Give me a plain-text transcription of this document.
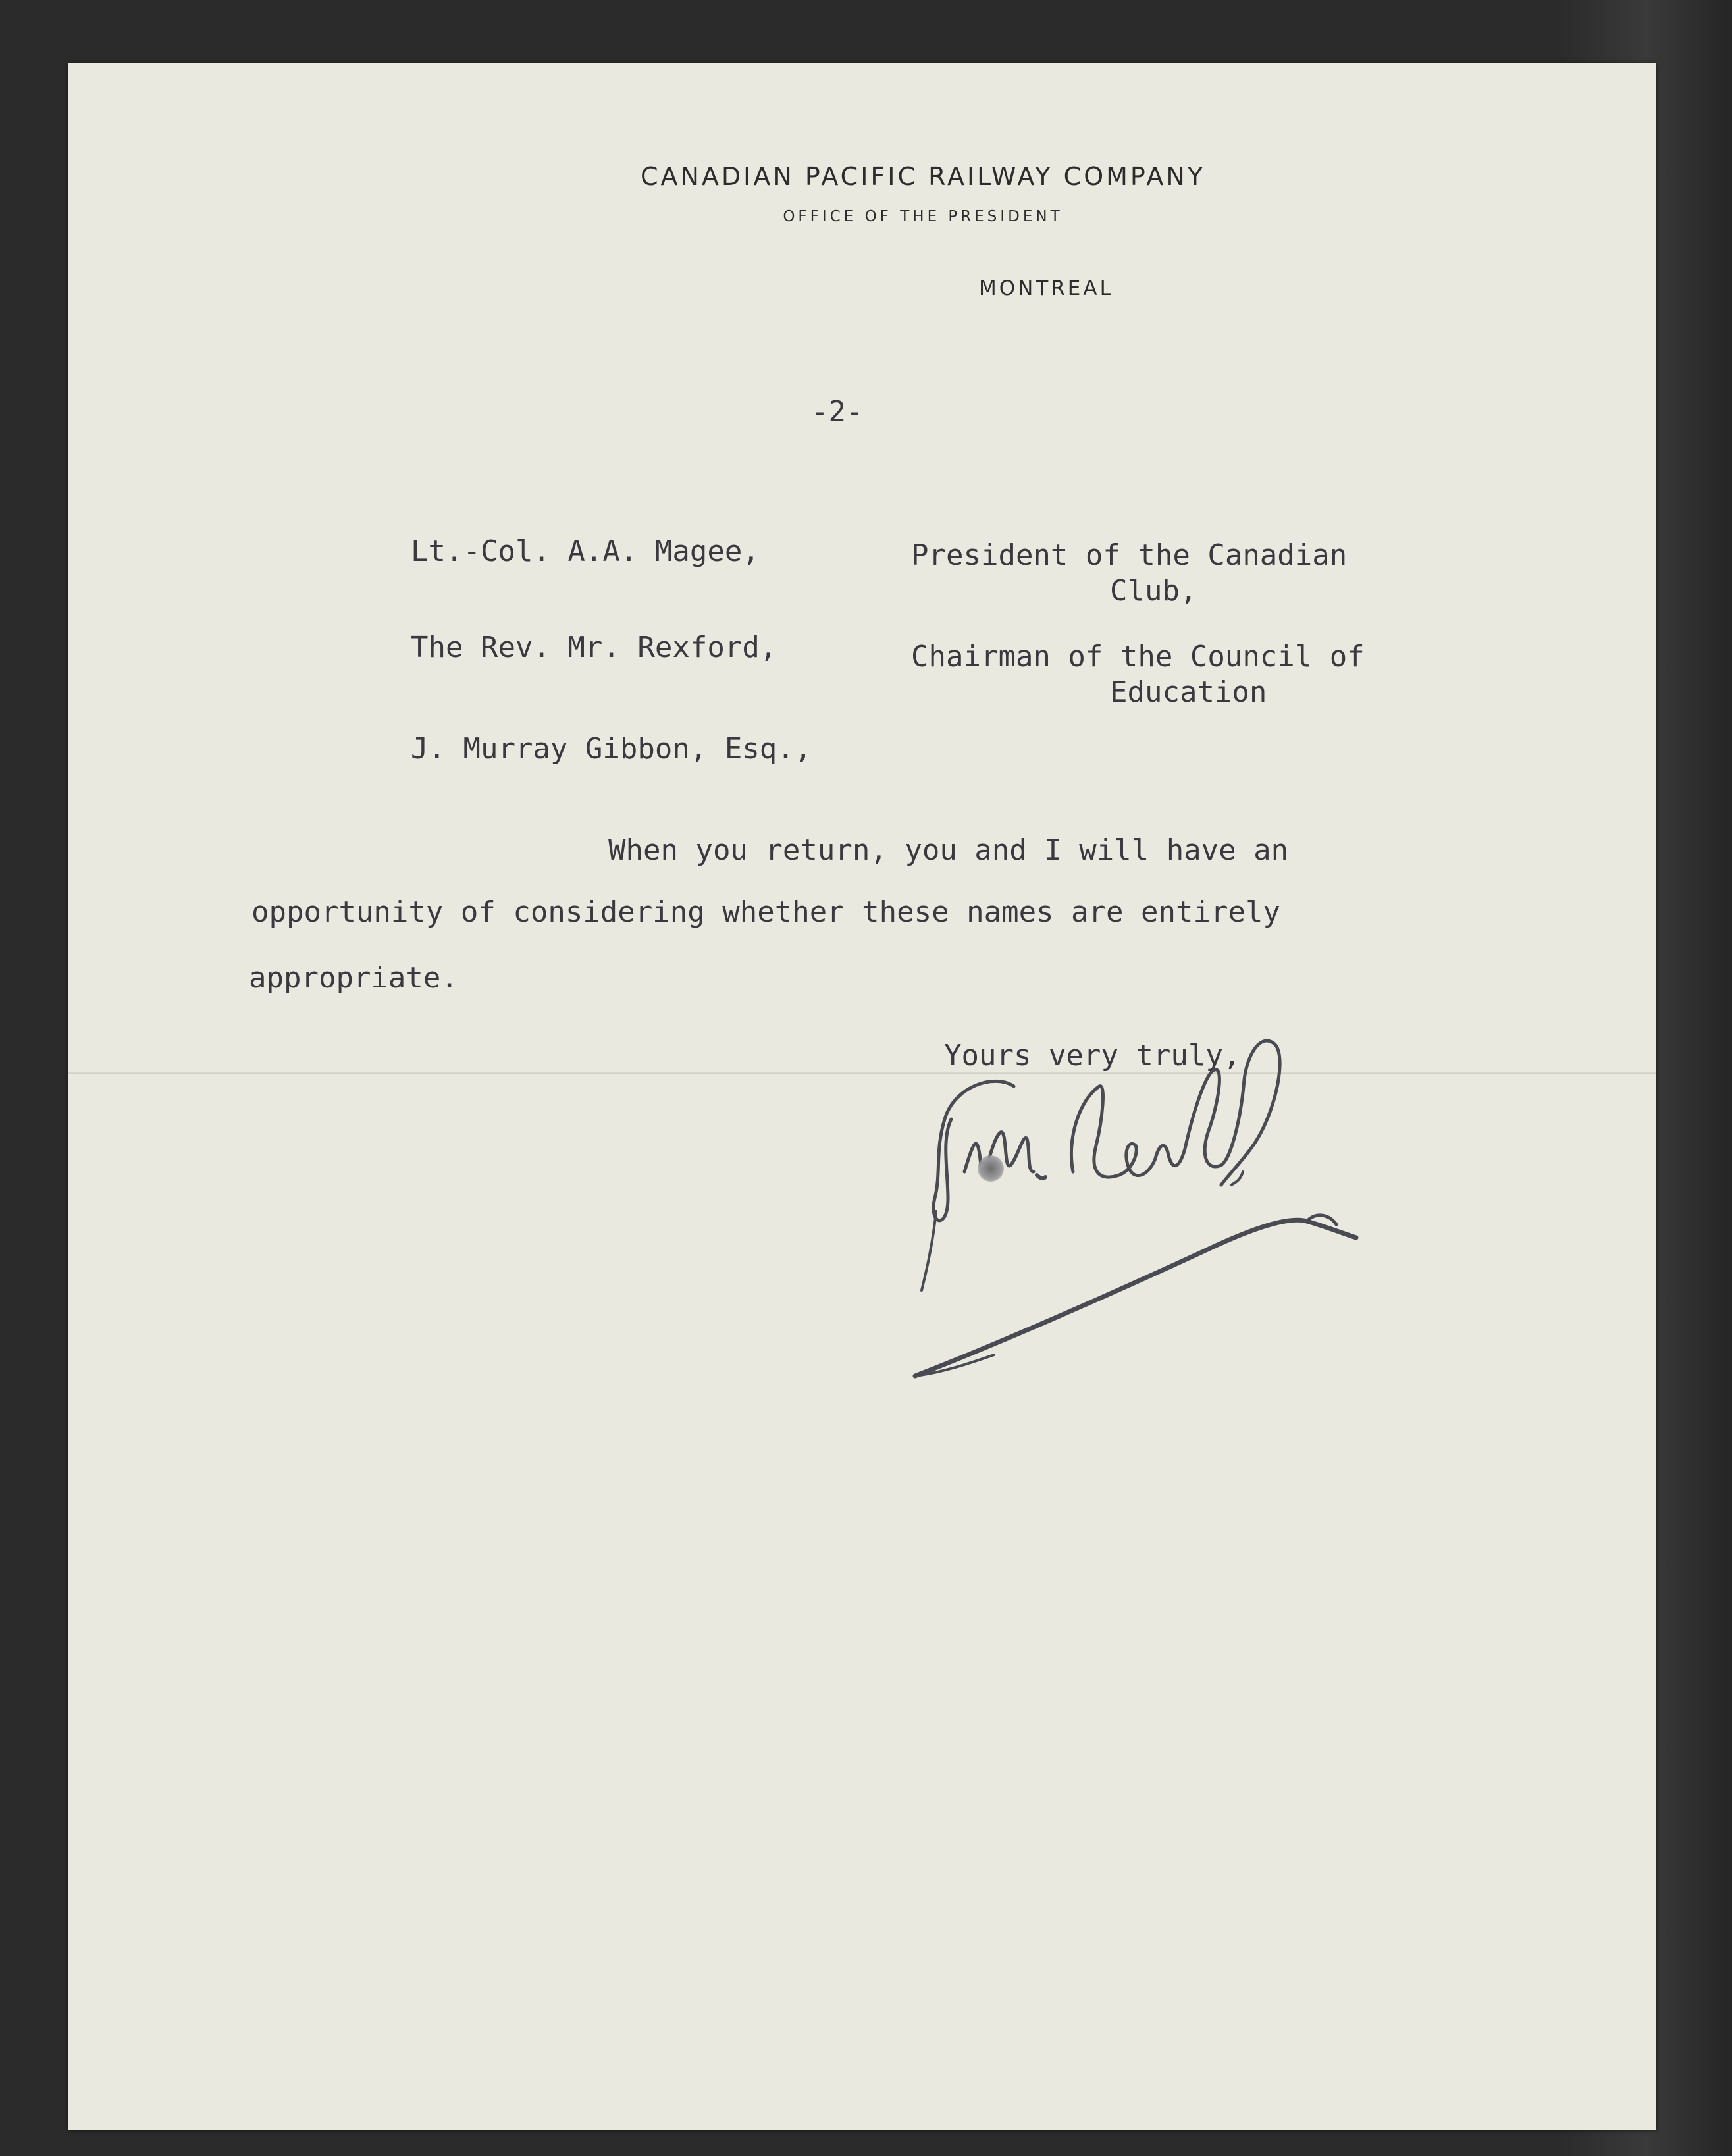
CANADIAN PACIFIC RAILWAY COMPANY

OFFICE OF THE PRESIDENT

MONTREAL
-2-
Lt.-Col. A.A. Magee,	President of the Canadian
Club,
The Rev. Mr. Rexford,	Chairman of the Council of
Education
J. Murray Gibbon, Esq.,
When you return, you and I will have an
opportunity of considering whether these names are entirely
appropriate.
Yours very truly,
